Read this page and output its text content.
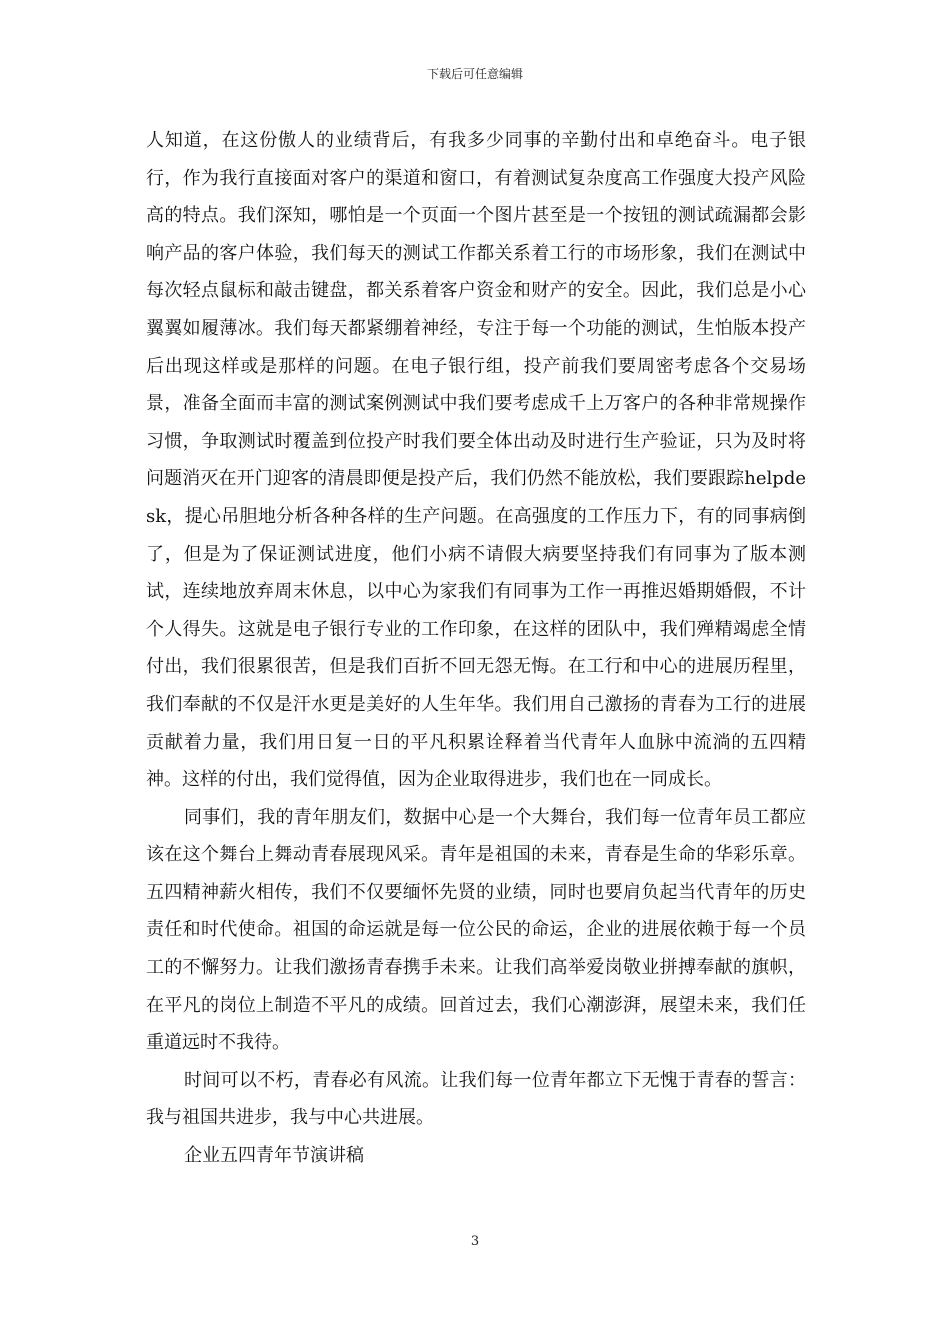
下载后可任意编辑

人知道，在这份傲人的业绩背后，有我多少同事的辛勤付出和卓绝奋斗。电子银行，作为我行直接面对客户的渠道和窗口，有着测试复杂度高工作强度大投产风险高的特点。我们深知，哪怕是一个页面一个图片甚至是一个按钮的测试疏漏都会影响产品的客户体验，我们每天的测试工作都关系着工行的市场形象，我们在测试中每次轻点鼠标和敲击键盘，都关系着客户资金和财产的安全。因此，我们总是小心翼翼如履薄冰。我们每天都紧绷着神经，专注于每一个功能的测试，生怕版本投产后出现这样或是那样的问题。在电子银行组，投产前我们要周密考虑各个交易场景，准备全面而丰富的测试案例测试中我们要考虑成千上万客户的各种非常规操作习惯，争取测试时覆盖到位投产时我们要全体出动及时进行生产验证，只为及时将问题消灭在开门迎客的清晨即便是投产后，我们仍然不能放松，我们要跟踪helpdesk，提心吊胆地分析各种各样的生产问题。在高强度的工作压力下，有的同事病倒了，但是为了保证测试进度，他们小病不请假大病要坚持我们有同事为了版本测试，连续地放弃周末休息，以中心为家我们有同事为工作一再推迟婚期婚假，不计个人得失。这就是电子银行专业的工作印象，在这样的团队中，我们殚精竭虑全情付出，我们很累很苦，但是我们百折不回无怨无悔。在工行和中心的进展历程里，我们奉献的不仅是汗水更是美好的人生年华。我们用自己激扬的青春为工行的进展贡献着力量，我们用日复一日的平凡积累诠释着当代青年人血脉中流淌的五四精神。这样的付出，我们觉得值，因为企业取得进步，我们也在一同成长。

同事们，我的青年朋友们，数据中心是一个大舞台，我们每一位青年员工都应该在这个舞台上舞动青春展现风采。青年是祖国的未来，青春是生命的华彩乐章。五四精神薪火相传，我们不仅要缅怀先贤的业绩，同时也要肩负起当代青年的历史责任和时代使命。祖国的命运就是每一位公民的命运，企业的进展依赖于每一个员工的不懈努力。让我们激扬青春携手未来。让我们高举爱岗敬业拼搏奉献的旗帜，在平凡的岗位上制造不平凡的成绩。回首过去，我们心潮澎湃，展望未来，我们任重道远时不我待。

时间可以不朽，青春必有风流。让我们每一位青年都立下无愧于青春的誓言：我与祖国共进步，我与中心共进展。

企业五四青年节演讲稿

3
